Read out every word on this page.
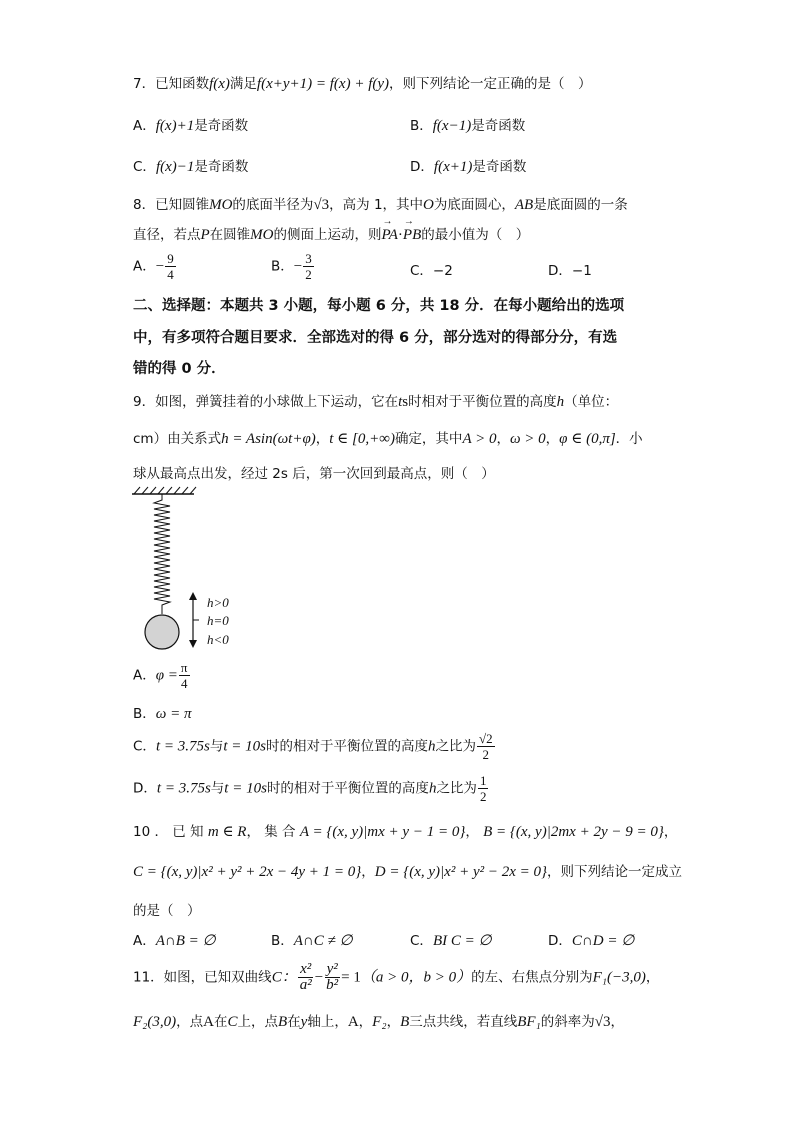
7．已知函数f(x)满足f(x+y+1) = f(x) + f(y)，则下列结论一定正确的是（　）
A．f(x)+1是奇函数	B．f(x−1)是奇函数
C．f(x)−1是奇函数	D．f(x+1)是奇函数
8．已知圆锥MO的底面半径为√3，高为 1，其中O为底面圆心，AB是底面圆的一条
直径，若点P在圆锥MO的侧面上运动，则→ PA·→ PB的最小值为（　）
A．− $\frac{9}{4}$	B．− $\frac{3}{2}$	C．−2	D．−1
二、选择题：本题共 3 小题，每小题 6 分，共 18 分．在每小题给出的选项
中，有多项符合题目要求．全部选对的得 6 分，部分选对的得部分分，有选
错的得 0 分．
9．如图，弹簧挂着的小球做上下运动，它在ts时相对于平衡位置的高度h（单位：
cm）由关系式h = Asin(ωt+φ)，t ∈ [0,+∞)确定，其中A > 0，ω > 0，φ ∈ (0,π]．小
球从最高点出发，经过 2s 后，第一次回到最高点，则（　）
h>0
h=0
h<0
A．$\varphi = \frac{\pi}{4}$
B．ω = π
C．t = 3.75s与t = 10s时的相对于平衡位置的高度h之比为 $\frac{√2}{2}$
D．t = 3.75s与t = 10s时的相对于平衡位置的高度h之比为 $\frac{1}{2}$
10 ． 已 知 m ∈ R， 集 合 A = {(x, y)|mx + y − 1 = 0}， B = {(x, y)|2mx + 2y − 9 = 0}，
C = {(x, y)|x² + y² + 2x − 4y + 1 = 0}，D = {(x, y)|x² + y² − 2x = 0}，则下列结论一定成立
的是（　）
A．A∩B = ∅	B．A∩C ≠ ∅	C．BI C = ∅	D．C∩D = ∅
11．如图，已知双曲线C： $\frac{\text{x²}}{\text{a²}} - \frac{\text{y²}}{\text{b²}} = 1(a > 0$，b > 0）的左、右焦点分别为F₁(−3,0)，
F₂(3,0)，点A在C上，点B在y轴上，A，F₂，B三点共线，若直线BF₁的斜率为√3，
